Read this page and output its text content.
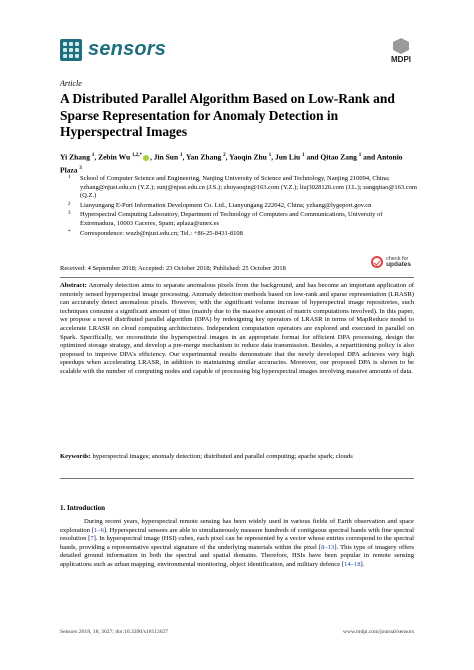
sensors	MDPI
Article
A Distributed Parallel Algorithm Based on Low-Rank and Sparse Representation for Anomaly Detection in Hyperspectral Images
Yi Zhang $^1$, Zebin Wu $^{1,2,*}$ , Jin Sun $^1$, Yan Zhang $^2$, Yaoqin Zhu $^1$, Jun Liu $^1$ and Qitao Zang $^1$ and Antonio Plaza $^3$
1 School of Computer Science and Engineering, Nanjing University of Science and Technology, Nanjing 210094, China; yzhang@njust.edu.cn (Y.Z.); sunj@njust.edu.cn (J.S.); zhuyaoqin@163.com (Y.Z.); liuj3028126.com (J.L.); zangqitao@163.com (Q.Z.)
2 Lianyungang E-Port Information Development Co. Ltd., Lianyungang 222042, China; yzhang@lygeport.gov.cn
3 Hyperspectral Computing Laboratory, Department of Technology of Computers and Communications, University of Extremadura, 10003 Caceres, Spain; aplaza@unex.es
* Correspondence: wuzb@njust.edu.cn; Tel.: +86-25-8431-8108
Received: 4 September 2018; Accepted: 23 October 2018; Published: 25 October 2018
check for
updates

Abstract: Anomaly detection aims to separate anomalous pixels from the background, and has become an important application of remotely sensed hyperspectral image processing. Anomaly detection methods based on low-rank and sparse representation (LRASR) can accurately detect anomalous pixels. However, with the significant volume increase of hyperspectral image repositories, such techniques consume a significant amount of time (mainly due to the massive amount of matrix computations involved). In this paper, we propose a novel distributed parallel algorithm (DPA) by redesigning key operators of LRASR in terms of MapReduce model to accelerate LRASR on cloud computing architectures. Independent computation operators are explored and executed in parallel on Spark. Specifically, we reconstitute the hyperspectral images in an appropriate format for efficient DPA processing, design the optimized storage strategy, and develop a pre-merge mechanism to reduce data transmission. Besides, a repartitioning policy is also proposed to improve DPA's efficiency. Our experimental results demonstrate that the newly developed DPA achieves very high speedups when accelerating LRASR, in addition to maintaining similar accuracies. Moreover, our proposed DPA is shown to be scalable with the number of computing nodes and capable of processing big hyperspectral images involving massive amounts of data.

Keywords: hyperspectral images; anomaly detection; distributed and parallel computing; apache spark; clouds

1. Introduction

During recent years, hyperspectral remote sensing has been widely used in various fields of Earth observation and space exploration [1–6]. Hyperspectral sensors are able to simultaneously measure hundreds of contiguous spectral bands with fine spectral resolution [7]. In hyperspectral image (HSI) cubes, each pixel can be represented by a vector whose entries correspond to the spectral bands, providing a representative spectral signature of the underlying materials within the pixel [8–13]. This type of imagery offers detailed ground information in both the spectral and spatial domains. Therefore, HSIs have been popular in remote sensing applications such as urban mapping, environmental monitoring, object identification, and military defence [14–18].

Sensors 2018, 18, 3627; doi:10.3390/s18113627	www.mdpi.com/journal/sensors
